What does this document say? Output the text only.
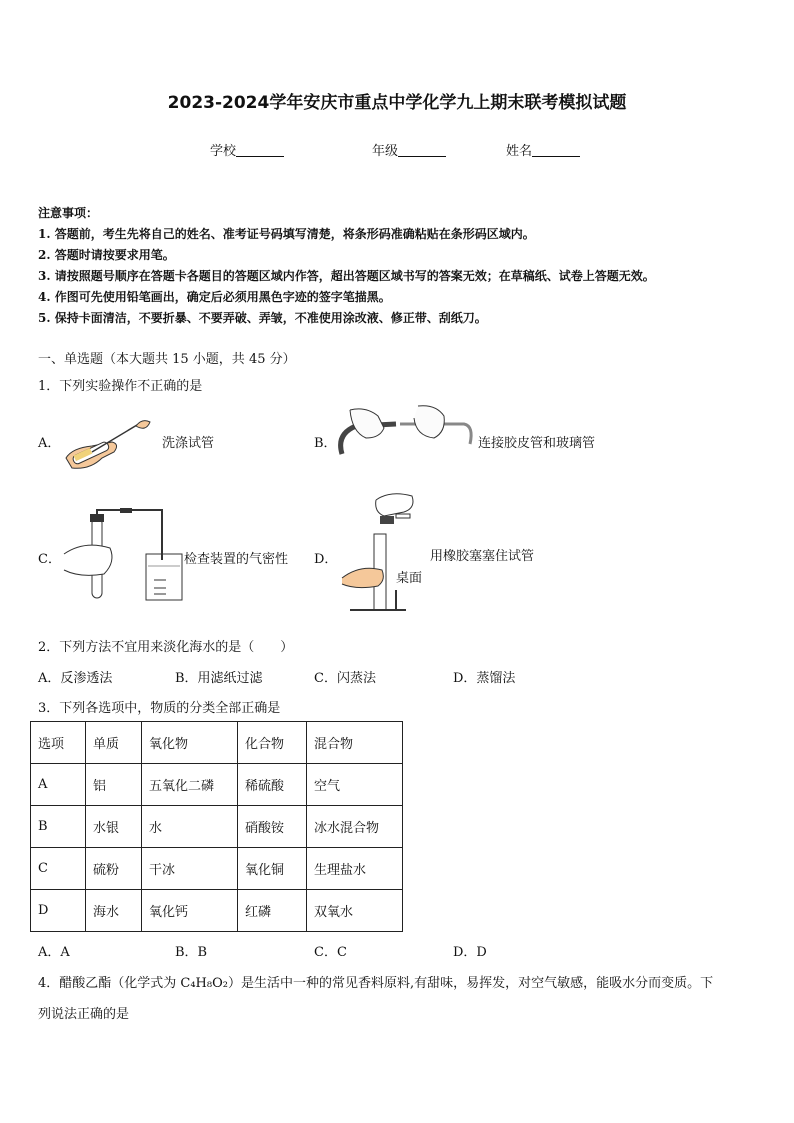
2023-2024学年安庆市重点中学化学九上期末联考模拟试题
学校	年级	姓名
注意事项：
1. 答题前，考生先将自己的姓名、准考证号码填写清楚，将条形码准确粘贴在条形码区域内。
2. 答题时请按要求用笔。
3. 请按照题号顺序在答题卡各题目的答题区域内作答，超出答题区域书写的答案无效；在草稿纸、试卷上答题无效。
4. 作图可先使用铅笔画出，确定后必须用黑色字迹的签字笔描黑。
5. 保持卡面清洁，不要折暴、不要弄破、弄皱，不准使用涂改液、修正带、刮纸刀。
一、单选题（本大题共 15 小题，共 45 分）
1．下列实验操作不正确的是
A．	洗涤试管	B．	连接胶皮管和玻璃管
C．	检查装置的气密性 D．	用橡胶塞塞住试管
桌面
2．下列方法不宜用来淡化海水的是（　　）
A．反渗透法	B．用滤纸过滤	C．闪蒸法	D．蒸馏法
3．下列各选项中，物质的分类全部正确是
选项	单质	氧化物	化合物	混合物
A	铝	五氧化二磷	稀硫酸	空气
B	水银	水	硝酸铵	冰水混合物
C	硫粉	干冰	氧化铜	生理盐水
D	海水	氧化钙	红磷	双氧水
A．A	B．B	C．C	D．D
4．醋酸乙酯（化学式为 C₄H₈O₂）是生活中一种的常见香料原料,有甜味，易挥发，对空气敏感，能吸水分而变质。下
列说法正确的是
